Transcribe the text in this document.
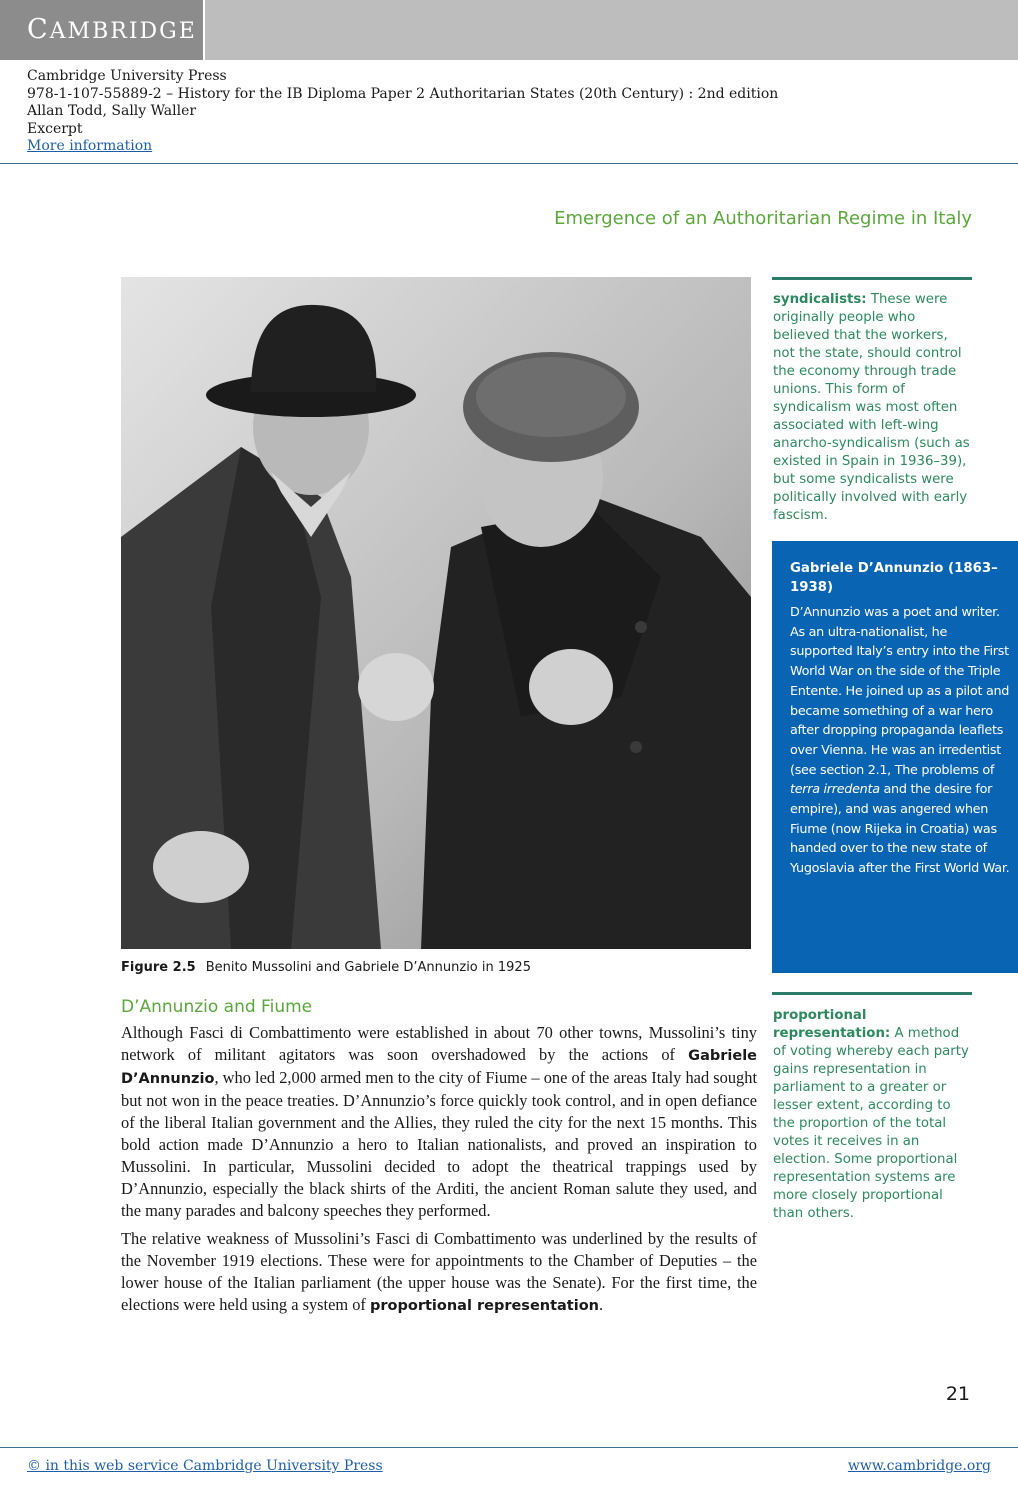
CAMBRIDGE
Cambridge University Press
978-1-107-55889-2 – History for the IB Diploma Paper 2 Authoritarian States (20th Century) : 2nd edition
Allan Todd, Sally Waller
Excerpt
More information
Emergence of an Authoritarian Regime in Italy
Figure 2.5 Benito Mussolini and Gabriele D’Annunzio in 1925
D’Annunzio and Fiume
Although Fasci di Combattimento were established in about 70 other towns, Mussolini’s tiny network of militant agitators was soon overshadowed by the actions of Gabriele D’Annunzio, who led 2,000 armed men to the city of Fiume – one of the areas Italy had sought but not won in the peace treaties. D’Annunzio’s force quickly took control, and in open defiance of the liberal Italian government and the Allies, they ruled the city for the next 15 months. This bold action made D’Annunzio a hero to Italian nationalists, and proved an inspiration to Mussolini. In particular, Mussolini decided to adopt the theatrical trappings used by D’Annunzio, especially the black shirts of the Arditi, the ancient Roman salute they used, and the many parades and balcony speeches they performed.
The relative weakness of Mussolini’s Fasci di Combattimento was underlined by the results of the November 1919 elections. These were for appointments to the Chamber of Deputies – the lower house of the Italian parliament (the upper house was the Senate). For the first time, the elections were held using a system of proportional representation.
syndicalists: These were originally people who believed that the workers, not the state, should control the economy through trade unions. This form of syndicalism was most often associated with left-wing anarcho-syndicalism (such as existed in Spain in 1936–39), but some syndicalists were politically involved with early fascism.
Gabriele D’Annunzio (1863–1938)
D’Annunzio was a poet and writer. As an ultra-nationalist, he supported Italy’s entry into the First World War on the side of the Triple Entente. He joined up as a pilot and became something of a war hero after dropping propaganda leaflets over Vienna. He was an irredentist (see section 2.1, The problems of terra irredenta and the desire for empire), and was angered when Fiume (now Rijeka in Croatia) was handed over to the new state of Yugoslavia after the First World War.
proportional representation: A method of voting whereby each party gains representation in parliament to a greater or lesser extent, according to the proportion of the total votes it receives in an election. Some proportional representation systems are more closely proportional than others.
21
© in this web service Cambridge University Press	www.cambridge.org
